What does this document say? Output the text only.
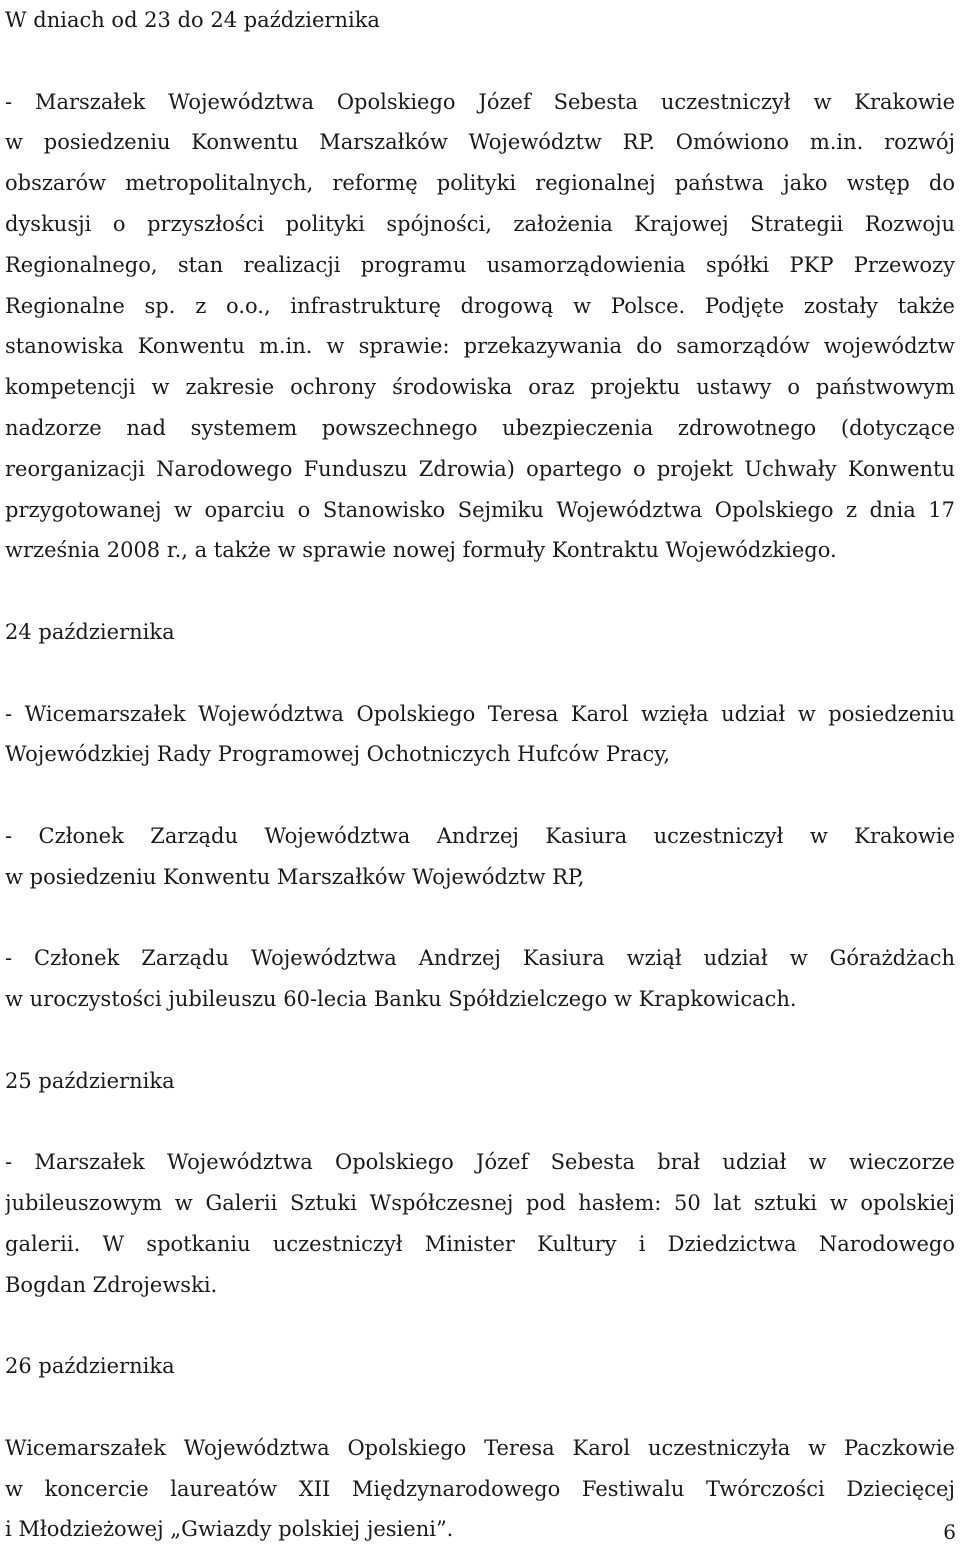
W dniach od 23 do 24 października
- Marszałek Województwa Opolskiego Józef Sebesta uczestniczył w Krakowie
w posiedzeniu Konwentu Marszałków Województw RP. Omówiono m.in. rozwój
obszarów metropolitalnych, reformę polityki regionalnej państwa jako wstęp do
dyskusji o przyszłości polityki spójności, założenia Krajowej Strategii Rozwoju
Regionalnego, stan realizacji programu usamorządowienia spółki PKP Przewozy
Regionalne sp. z o.o., infrastrukturę drogową w Polsce. Podjęte zostały także
stanowiska Konwentu m.in. w sprawie: przekazywania do samorządów województw
kompetencji w zakresie ochrony środowiska oraz projektu ustawy o państwowym
nadzorze nad systemem powszechnego ubezpieczenia zdrowotnego (dotyczące
reorganizacji Narodowego Funduszu Zdrowia) opartego o projekt Uchwały Konwentu
przygotowanej w oparciu o Stanowisko Sejmiku Województwa Opolskiego z dnia 17
września 2008 r., a także w sprawie nowej formuły Kontraktu Wojewódzkiego.
24 października
- Wicemarszałek Województwa Opolskiego Teresa Karol wzięła udział w posiedzeniu
Wojewódzkiej Rady Programowej Ochotniczych Hufców Pracy,
- Członek Zarządu Województwa Andrzej Kasiura uczestniczył w Krakowie
w posiedzeniu Konwentu Marszałków Województw RP,
- Członek Zarządu Województwa Andrzej Kasiura wziął udział w Górażdżach
w uroczystości jubileuszu 60-lecia Banku Spółdzielczego w Krapkowicach.
25 października
- Marszałek Województwa Opolskiego Józef Sebesta brał udział w wieczorze
jubileuszowym w Galerii Sztuki Współczesnej pod hasłem: 50 lat sztuki w opolskiej
galerii. W spotkaniu uczestniczył Minister Kultury i Dziedzictwa Narodowego
Bogdan Zdrojewski.
26 października
Wicemarszałek Województwa Opolskiego Teresa Karol uczestniczyła w Paczkowie
w koncercie laureatów XII Międzynarodowego Festiwalu Twórczości Dziecięcej
i Młodzieżowej „Gwiazdy polskiej jesieni”.	6
